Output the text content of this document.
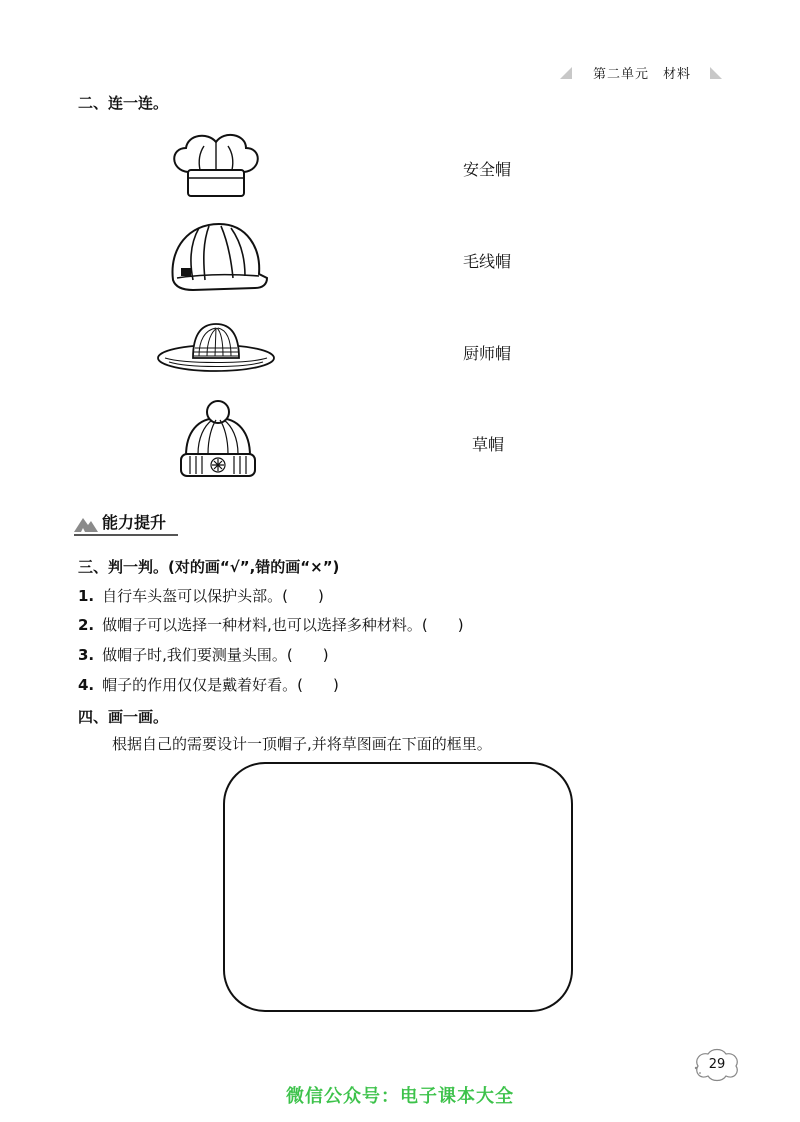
第二单元　材料
二、连一连。
安全帽
毛线帽
厨师帽
草帽
能力提升
三、判一判。(对的画“√”,错的画“×”)
1. 自行车头盔可以保护头部。(　　)
2. 做帽子可以选择一种材料,也可以选择多种材料。(　　)
3. 做帽子时,我们要测量头围。(　　)
4. 帽子的作用仅仅是戴着好看。(　　)
四、画一画。
根据自己的需要设计一顶帽子,并将草图画在下面的框里。
29
微信公众号：电子课本大全
